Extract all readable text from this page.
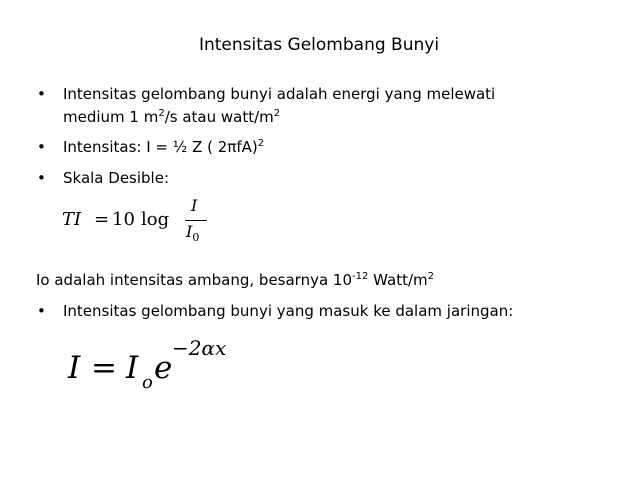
Intensitas Gelombang Bunyi
• Intensitas gelombang bunyi adalah energi yang melewati
medium 1 $m^2/s$ atau watt/$m^2$
• Intensitas: I = ½ Z ( 2πfA)$^2$
• Skala Desible:
TI = 10 log
I
$I_0$
Io adalah intensitas ambang, besarnya $10^{-12}$ Watt/$m^2$
• Intensitas gelombang bunyi yang masuk ke dalam jaringan:
I = I o e
−2αx
